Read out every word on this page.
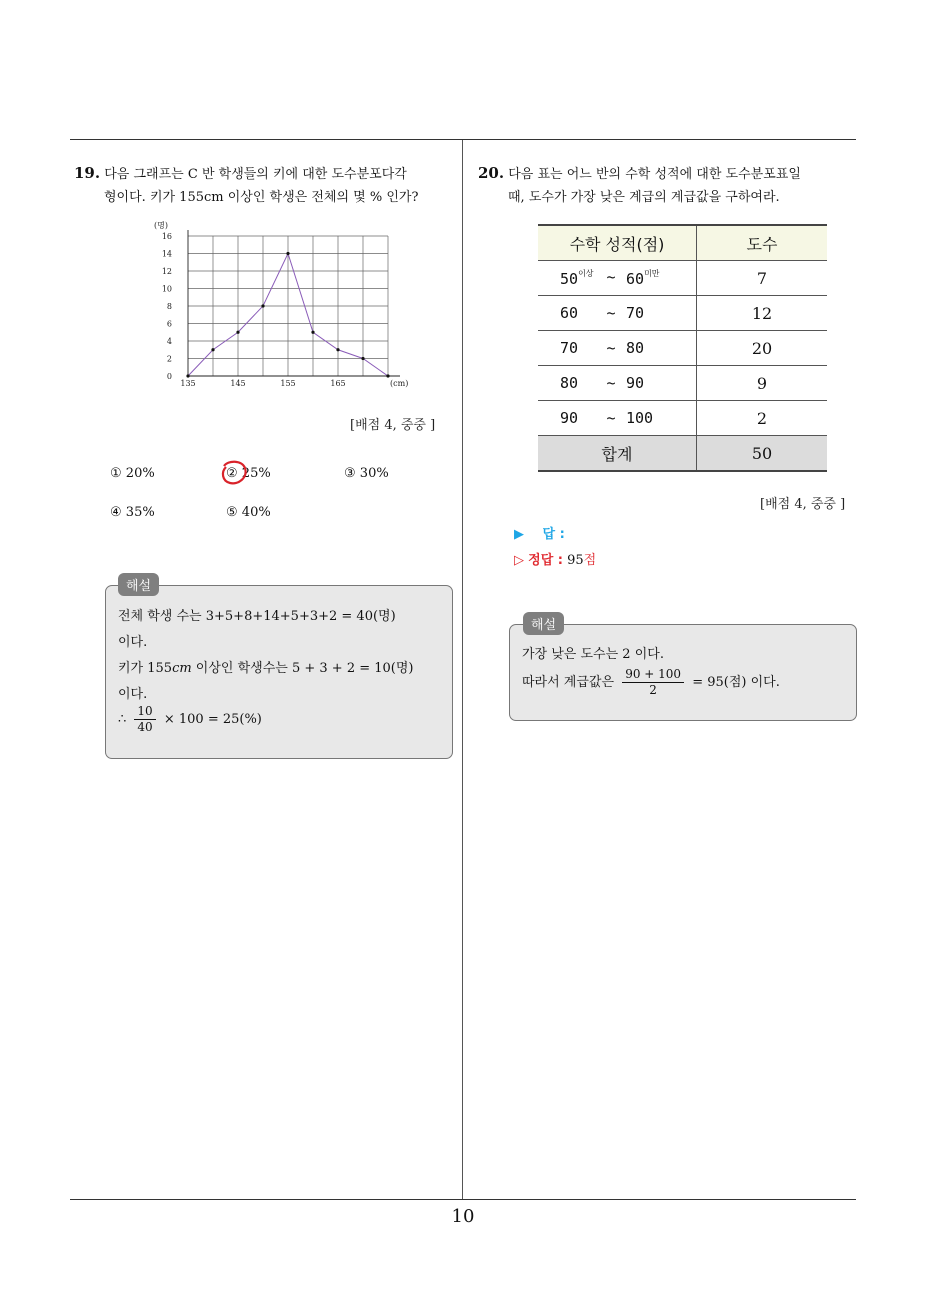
19. 다음 그래프는 C 반 학생들의 키에 대한 도수분포다각
형이다. 키가 155cm 이상인 학생은 전체의 몇 % 인가?
0
2
4
6
8
10
12
14
16
135	145	155	165
(명)
(cm)
[배점 4, 중중 ]
① 20%	② 25%	③ 30%
④ 35%	⑤ 40%
해설
전체 학생 수는 3+5+8+14+5+3+2 = 40(명)
이다.
키가 155cm 이상인 학생수는 5 + 3 + 2 = 10(명)
이다.
∴ $\frac{10}{40} \times 100 = 25(\%)$
20. 다음 표는 어느 반의 수학 성적에 대한 도수분포표일
때, 도수가 가장 낮은 계급의 계급값을 구하여라.
수학 성적(점)	도수

$50^{이상}$ ~ $60^{미만}$	7

60 ~ 70	12

70 ~ 80	20

80 ~ 90	9

90 ~ 100	2
합계	50
[배점 4, 중중 ]
▶ 답 :
▷ 정답 : 95점
해설
가장 낮은 도수는 2 이다.
따라서 계급값은 $\frac{90 + 100}{2} = 95$(점) 이다.
10
